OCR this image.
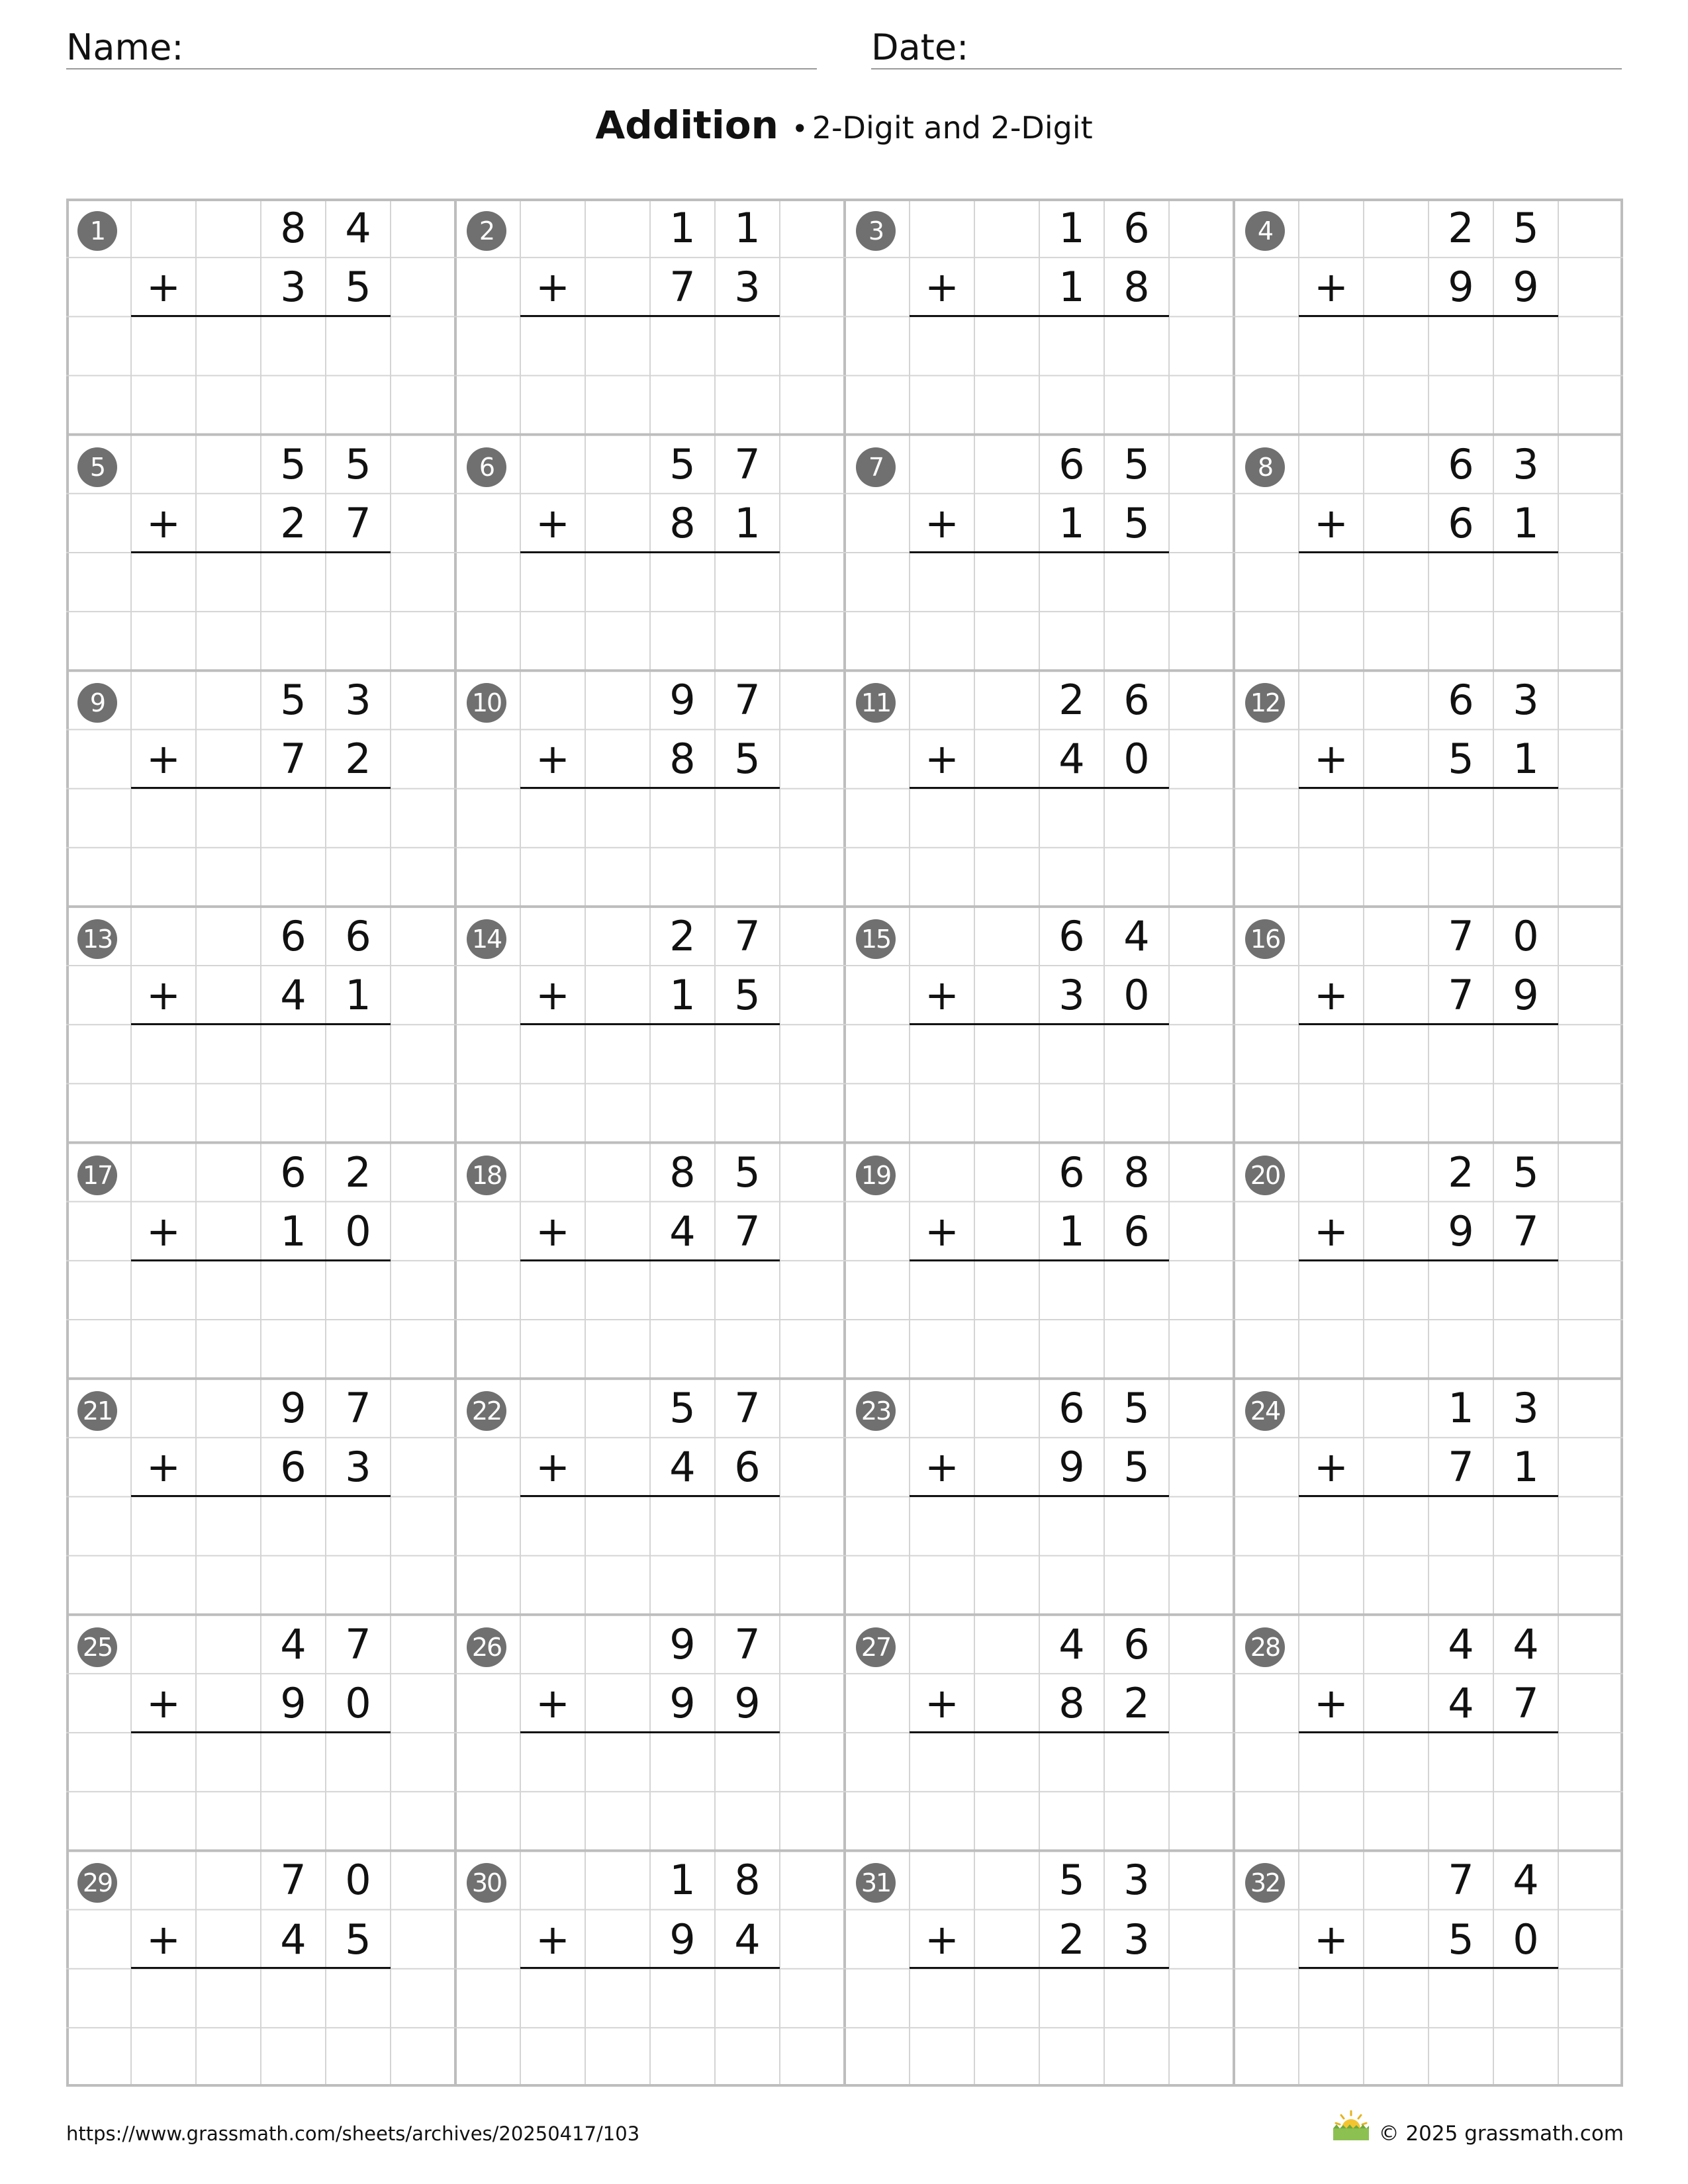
Name:	Date:
Addition • 2-Digit and 2-Digit
1	8 4
+	3 5
2	1 1
+	7 3
3	1 6
+	1 8
4	2 5
+	9 9
5	5 5
+	2 7
6	5 7
+	8 1
7	6 5
+	1 5
8	6 3
+	6 1
9	5 3
+	7 2
10	9 7
+	8 5
11	2 6
+	4 0
12	6 3
+	5 1
13	6 6
+	4 1
14	2 7
+	1 5
15	6 4
+	3 0
16	7 0
+	7 9
17	6 2
+	1 0
18	8 5
+	4 7
19	6 8
+	1 6
20	2 5
+	9 7
21	9 7
+	6 3
22	5 7
+	4 6
23	6 5
+	9 5
24	1 3
+	7 1
25	4 7
+	9 0
26	9 7
+	9 9
27	4 6
+	8 2
28	4 4
+	4 7
29	7 0
+	4 5
30	1 8
+	9 4
31	5 3
+	2 3
32	7 4
+	5 0
https://www.grassmath.com/sheets/archives/20250417/103	© 2025 grassmath.com
